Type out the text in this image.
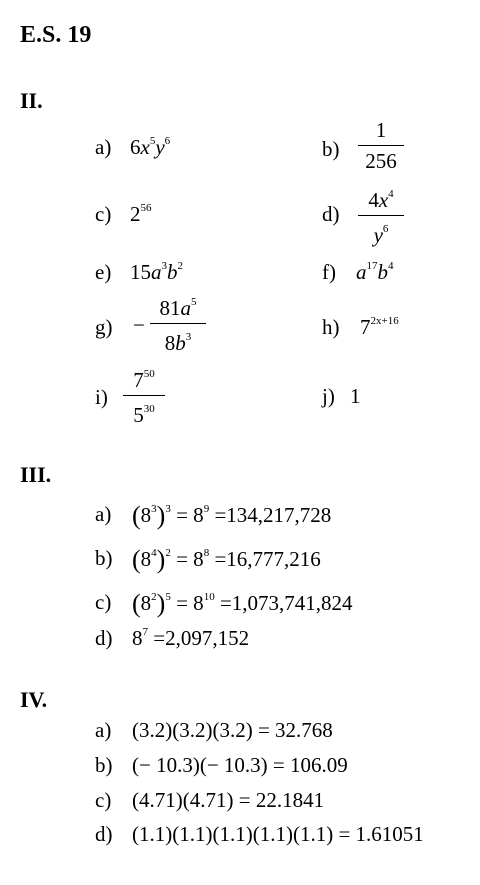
E.S. 19
II.
a) $6x^5y^6$	b)
1
256
c) $2^{56}$	d)
$4x^4$
$y^6$
e) $15a^3b^2$	f) $a^{17}b^4$
g) −
$81a^5$
$8b^3$	h) $7^{2x+16}$
i)
$7^{50}$
$5^{30}$
j) 1
III.
a) $(8^3)^3 = 8^9 =134,217,728$
b) $(8^4)^2 = 8^8 =16,777,216$
c) $(8^2)^5 = 8^{10} =1,073,741,824$
d) $8^7 =2,097,152$
IV.
a) (3.2)(3.2)(3.2) = 32.768
b) (− 10.3)(− 10.3) = 106.09
c) (4.71)(4.71) = 22.1841
d) (1.1)(1.1)(1.1)(1.1)(1.1) = 1.61051
